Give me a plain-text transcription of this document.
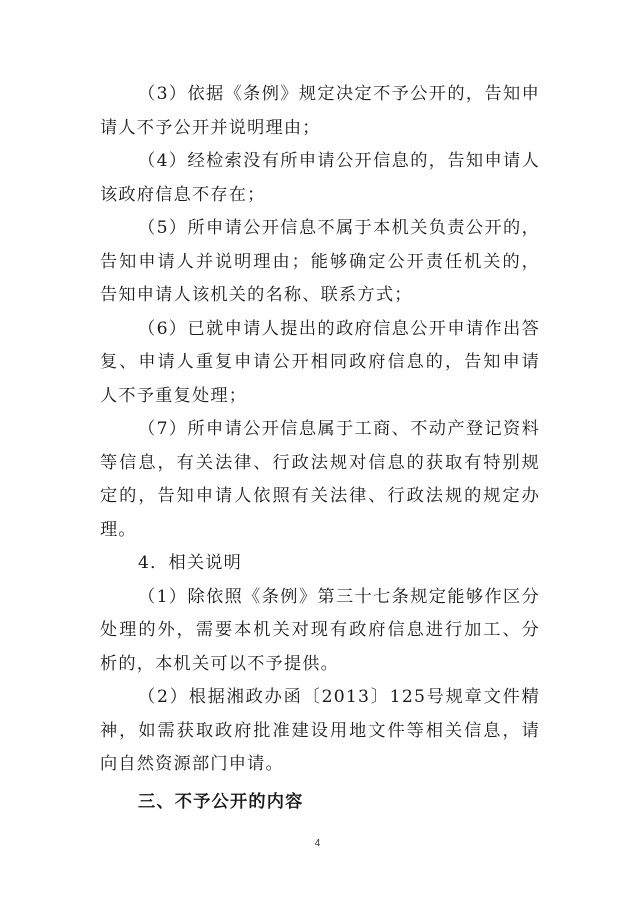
（3）依据《条例》规定决定不予公开的，告知申请人不予公开并说明理由；

（4）经检索没有所申请公开信息的，告知申请人该政府信息不存在；

（5）所申请公开信息不属于本机关负责公开的，告知申请人并说明理由；能够确定公开责任机关的，告知申请人该机关的名称、联系方式；

（6）已就申请人提出的政府信息公开申请作出答复、申请人重复申请公开相同政府信息的，告知申请人不予重复处理；

（7）所申请公开信息属于工商、不动产登记资料等信息，有关法律、行政法规对信息的获取有特别规定的，告知申请人依照有关法律、行政法规的规定办理。

4．相关说明

（1）除依照《条例》第三十七条规定能够作区分处理的外，需要本机关对现有政府信息进行加工、分析的，本机关可以不予提供。

（2）根据湘政办函〔2013〕125号规章文件精神，如需获取政府批准建设用地文件等相关信息，请向自然资源部门申请。

三、不予公开的内容

4
